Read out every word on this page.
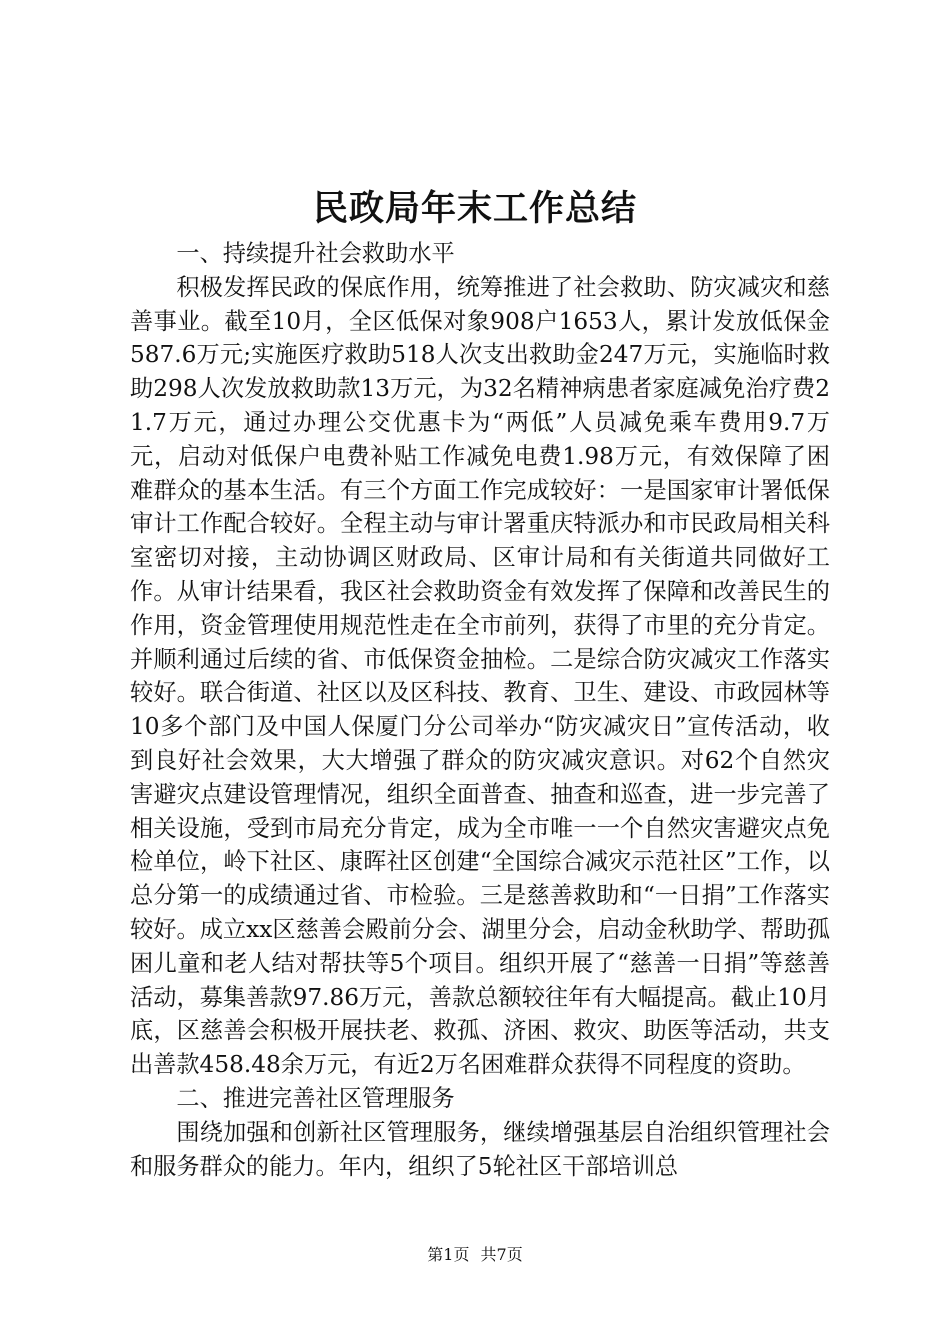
民政局年末工作总结

一、持续提升社会救助水平

积极发挥民政的保底作用，统筹推进了社会救助、防灾减灾和慈善事业。截至10月，全区低保对象908户1653人，累计发放低保金587.6万元;实施医疗救助518人次支出救助金247万元，实施临时救助298人次发放救助款13万元，为32名精神病患者家庭减免治疗费21.7万元，通过办理公交优惠卡为“两低”人员减免乘车费用9.7万元，启动对低保户电费补贴工作减免电费1.98万元，有效保障了困难群众的基本生活。有三个方面工作完成较好：一是国家审计署低保审计工作配合较好。全程主动与审计署重庆特派办和市民政局相关科室密切对接，主动协调区财政局、区审计局和有关街道共同做好工作。从审计结果看，我区社会救助资金有效发挥了保障和改善民生的作用，资金管理使用规范性走在全市前列，获得了市里的充分肯定。并顺利通过后续的省、市低保资金抽检。二是综合防灾减灾工作落实较好。联合街道、社区以及区科技、教育、卫生、建设、市政园林等10多个部门及中国人保厦门分公司举办“防灾减灾日”宣传活动，收到良好社会效果，大大增强了群众的防灾减灾意识。对62个自然灾害避灾点建设管理情况，组织全面普查、抽查和巡查，进一步完善了相关设施，受到市局充分肯定，成为全市唯一一个自然灾害避灾点免检单位，岭下社区、康晖社区创建“全国综合减灾示范社区”工作，以总分第一的成绩通过省、市检验。三是慈善救助和“一日捐”工作落实较好。成立xx区慈善会殿前分会、湖里分会，启动金秋助学、帮助孤困儿童和老人结对帮扶等5个项目。组织开展了“慈善一日捐”等慈善活动，募集善款97.86万元，善款总额较往年有大幅提高。截止10月底，区慈善会积极开展扶老、救孤、济困、救灾、助医等活动，共支出善款458.48余万元，有近2万名困难群众获得不同程度的资助。

二、推进完善社区管理服务

围绕加强和创新社区管理服务，继续增强基层自治组织管理社会和服务群众的能力。年内，组织了5轮社区干部培训总

第1页 共7页
